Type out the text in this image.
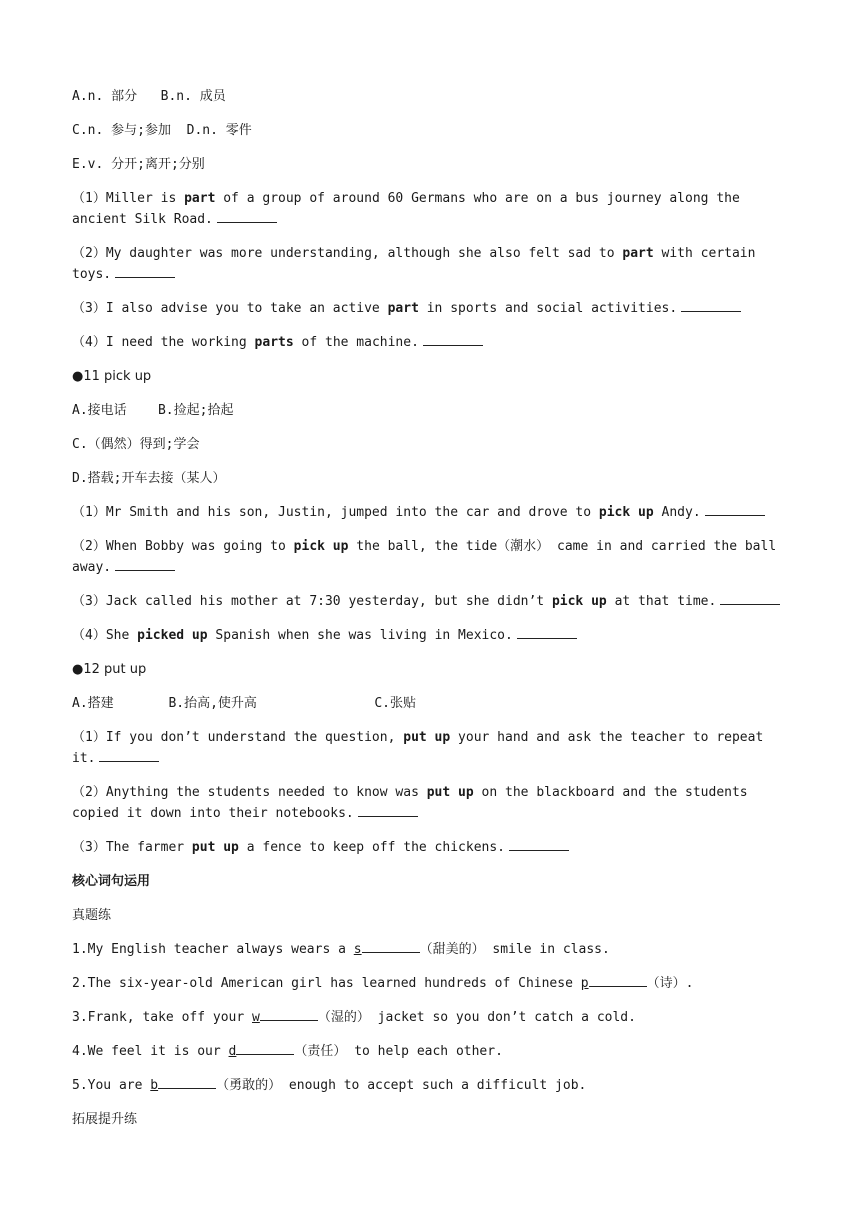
A.n. 部分   B.n. 成员
C.n. 参与;参加  D.n. 零件
E.v. 分开;离开;分别
（1）Miller is part of a group of around 60 Germans who are on a bus journey along the ancient Silk Road.
（2）My daughter was more understanding, although she also felt sad to part with certain toys.
（3）I also advise you to take an active part in sports and social activities.
（4）I need the working parts of the machine.
●11 pick up
A.接电话    B.捡起;拾起
C.（偶然）得到;学会
D.搭载;开车去接（某人）
（1）Mr Smith and his son, Justin, jumped into the car and drove to pick up Andy.
（2）When Bobby was going to pick up the ball, the tide（潮水） came in and carried the ball away.
（3）Jack called his mother at 7:30 yesterday, but she didn’t pick up at that time.
（4）She picked up Spanish when she was living in Mexico.
●12 put up
A.搭建       B.抬高,使升高               C.张贴
（1）If you don’t understand the question, put up your hand and ask the teacher to repeat it.
（2）Anything the students needed to know was put up on the blackboard and the students copied it down into their notebooks.
（3）The farmer put up a fence to keep off the chickens.
核心词句运用
真题练
1.My English teacher always wears a s	（甜美的） smile in class.
2.The six-year-old American girl has learned hundreds of Chinese p	（诗）.
3.Frank, take off your w	（湿的） jacket so you don’t catch a cold.
4.We feel it is our d	（责任） to help each other.
5.You are b	（勇敢的） enough to accept such a difficult job.
拓展提升练
